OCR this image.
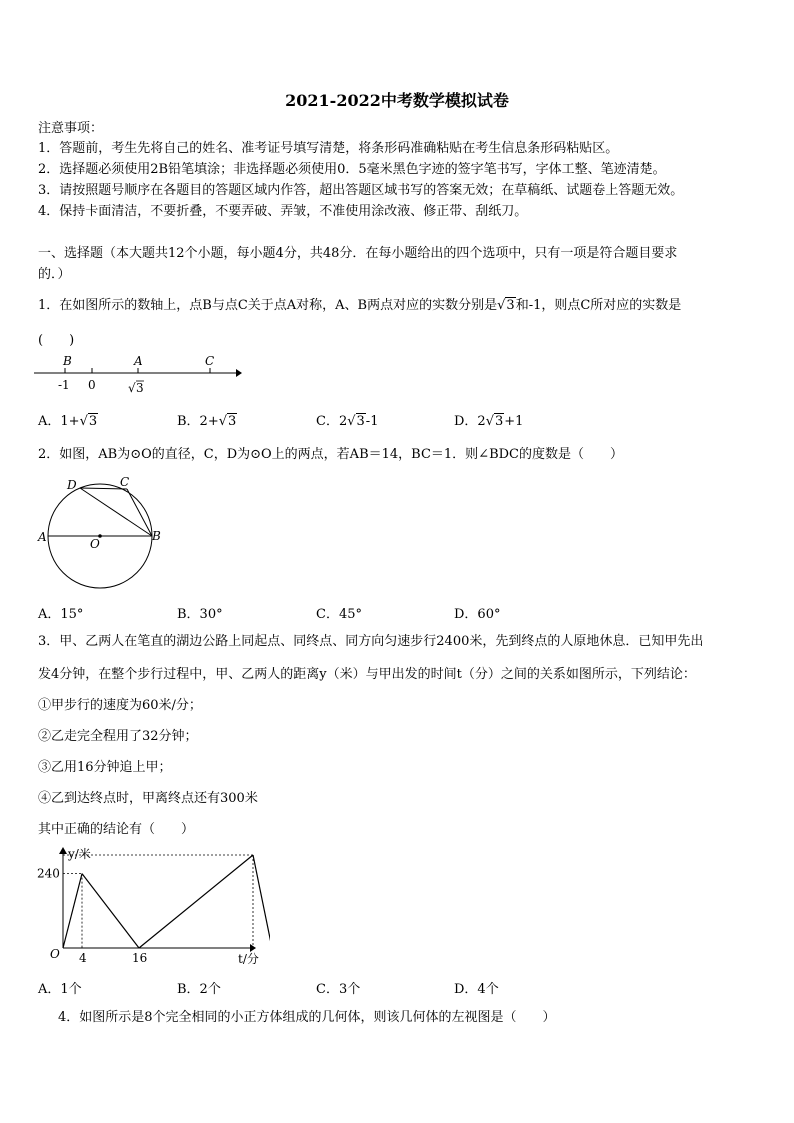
2021-2022中考数学模拟试卷
注意事项：
1．答题前，考生先将自己的姓名、准考证号填写清楚，将条形码准确粘贴在考生信息条形码粘贴区。
2．选择题必须使用2B铅笔填涂；非选择题必须使用0．5毫米黑色字迹的签字笔书写，字体工整、笔迹清楚。
3．请按照题号顺序在各题目的答题区域内作答，超出答题区域书写的答案无效；在草稿纸、试题卷上答题无效。
4．保持卡面清洁，不要折叠，不要弄破、弄皱，不准使用涂改液、修正带、刮纸刀。
一、选择题（本大题共12个小题，每小题4分，共48分．在每小题给出的四个选项中，只有一项是符合题目要求
的．）
1．在如图所示的数轴上，点B与点C关于点A对称，A、B两点对应的实数分别是√3和-1，则点C所对应的实数是
(　　)
B	A	C
-1 0	√ 3
A．1+√3	B．2+√3	C．2√3-1	D．2√3+1
2．如图，AB为⊙O的直径，C，D为⊙O上的两点，若AB＝14，BC＝1．则∠BDC的度数是（　　）
D	C
A	O
B
A．15°	B．30°	C．45°	D．60°
3．甲、乙两人在笔直的湖边公路上同起点、同终点、同方向匀速步行2400米，先到终点的人原地休息．已知甲先出
发4分钟，在整个步行过程中，甲、乙两人的距离y（米）与甲出发的时间t（分）之间的关系如图所示，下列结论：
①甲步行的速度为60米/分；
②乙走完全程用了32分钟；
③乙用16分钟追上甲；
④乙到达终点时，甲离终点还有300米
其中正确的结论有（　　）
y/米
t/分
O
240
4	16
A．1个	B．2个	C．3个	D．4个
4．如图所示是8个完全相同的小正方体组成的几何体，则该几何体的左视图是（　　）
